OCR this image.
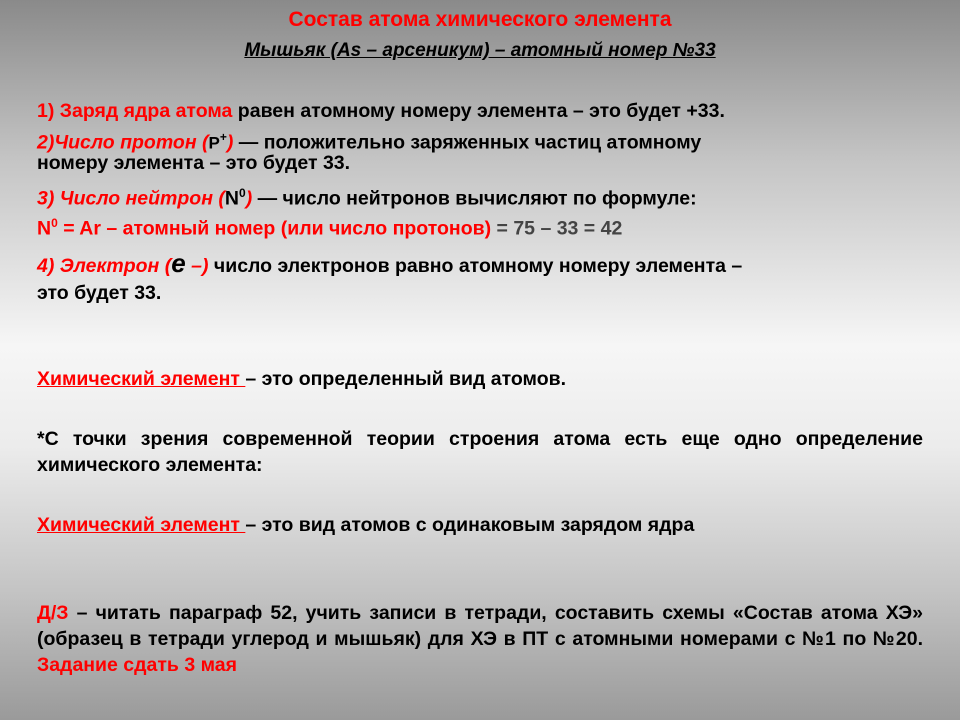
Состав атома химического элемента
Мышьяк (As – арсеникум) – атомный номер №33
1) Заряд ядра атома равен атомному номеру элемента – это будет +33.
2)Число протон (P+) — положительно заряженных частиц атомному
номеру элемента – это будет 33.
3) Число нейтрон $(N^0)$ — число нейтронов вычисляют по формуле:
$N^0 = Ar$ – атомный номер (или число протонов) = 75 – 33 = 42
4) Электрон (e –) число электронов равно атомному номеру элемента –
это будет 33.
Химический элемент – это определенный вид атомов.
*С точки зрения современной теории строения атома есть еще одно определение химического элемента:
Химический элемент – это вид атомов с одинаковым зарядом ядра
Д/З – читать параграф 52, учить записи в тетради, составить схемы «Состав атома ХЭ» (образец в тетради углерод и мышьяк) для ХЭ в ПТ с атомными номерами с №1 по №20. Задание сдать 3 мая
